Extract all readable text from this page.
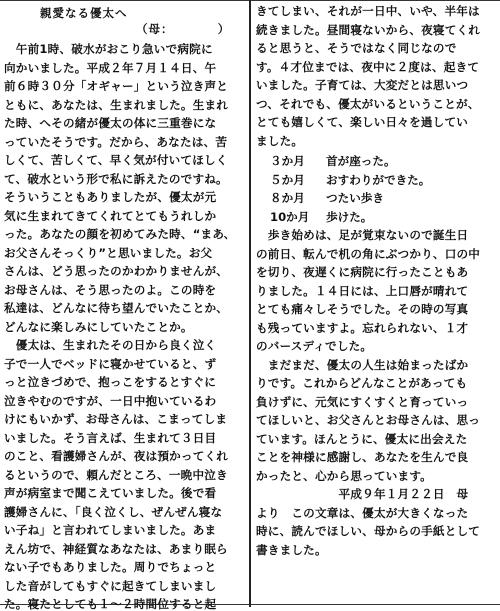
親愛なる優太へ
（母：　　　　）
　午前1時、破水がおこり急いで病院に
向かいました。平成２年７月１４日、午
前６時３０分「オギャー」という泣き声と
ともに、あなたは、生まれました。生まれ
た時、へその緒が優太の体に三重巻にな
っていたそうです。だから、あなたは、苦
しくて、苦しくて、早く気が付いてほしく
て、破水という形で私に訴えたのですね。
そういうこともありましたが、優太が元
気に生まれてきてくれてとてもうれしか
った。あなたの顔を初めてみた時、“まあ、
お父さんそっくり”と思いました。お父
さんは、どう思ったのかわかりませんが、
お母さんは、そう思ったのよ。この時を
私達は、どんなに待ち望んでいたことか、
どんなに楽しみにしていたことか。
　優太は、生まれたその日から良く泣く
子で一人でベッドに寝かせていると、ず
っと泣きづめで、抱っこをするとすぐに
泣きやむのですが、一日中抱いているわ
けにもいかず、お母さんは、こまってしま
いました。そう言えば、生まれて３日目
のこと、看護婦さんが、夜は預かってくれ
るというので、頼んだところ、一晩中泣き
声が病室まで聞こえていました。後で看
護婦さんに、「良く泣くし、ぜんぜん寝な
い子ね」と言われてしまいました。あま
えん坊で、神経質なあなたは、あまり眠ら
ない子でもありました。周りでちょっと
した音がしてもすぐに起きてしまいまし
た。寝たとしても１～２時間位すると起
きてしまい、それが一日中、いや、半年は
続きました。昼間寝ないから、夜寝てくれ
ると思うと、そうではなく同じなので
す。４才位までは、夜中に２度は、起きて
いました。子育ては、大変だとは思いつ
つ、それでも、優太がいるということが、
とても嬉しくて、楽しい日々を過してい
ました。
３か月 首が座った。
５か月 おすわりができた。
８か月 つたい歩き
10か月 歩けた。
　歩き始めは、足が覚束ないので誕生日
の前日、転んで机の角にぶつかり、口の中
を切り、夜遅くに病院に行ったこともあ
りました。１４日には、上口唇が晴れて
とても痛々しそうでした。その時の写真
も残っていますよ。忘れられない、１才
のバースディでした。
　まだまだ、優太の人生は始まったばか
りです。これからどんなことがあっても
負けずに、元気にすくすくと育っていっ
てほしいと、お父さんとお母さんは、思っ
ています。ほんとうに、優太に出会えた
ことを神様に感謝し、あなたを生んで良
かったと、心から思っています。
　　　　　　　平成９年１月２２日　母
より　この文章は、優太が大きくなった
時に、読んでほしい、母からの手紙として
書きました。
